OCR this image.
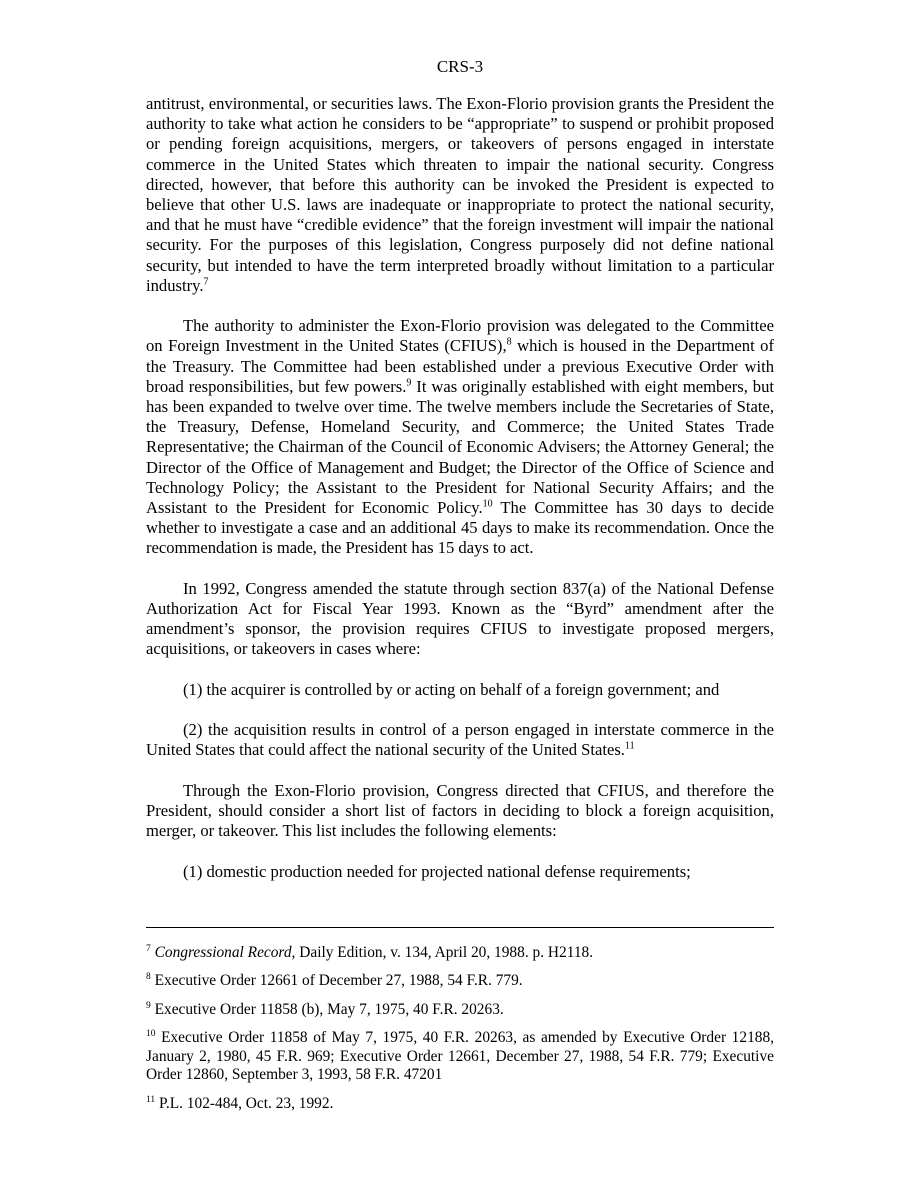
CRS-3

antitrust, environmental, or securities laws. The Exon-Florio provision grants the President the authority to take what action he considers to be “appropriate” to suspend or prohibit proposed or pending foreign acquisitions, mergers, or takeovers of persons engaged in interstate commerce in the United States which threaten to impair the national security. Congress directed, however, that before this authority can be invoked the President is expected to believe that other U.S. laws are inadequate or inappropriate to protect the national security, and that he must have “credible evidence” that the foreign investment will impair the national security. For the purposes of this legislation, Congress purposely did not define national security, but intended to have the term interpreted broadly without limitation to a particular industry.$^7$

The authority to administer the Exon-Florio provision was delegated to the Committee on Foreign Investment in the United States (CFIUS),$^8$ which is housed in the Department of the Treasury. The Committee had been established under a previous Executive Order with broad responsibilities, but few powers.$^9$ It was originally established with eight members, but has been expanded to twelve over time. The twelve members include the Secretaries of State, the Treasury, Defense, Homeland Security, and Commerce; the United States Trade Representative; the Chairman of the Council of Economic Advisers; the Attorney General; the Director of the Office of Management and Budget; the Director of the Office of Science and Technology Policy; the Assistant to the President for National Security Affairs; and the Assistant to the President for Economic Policy.$^{10}$ The Committee has 30 days to decide whether to investigate a case and an additional 45 days to make its recommendation. Once the recommendation is made, the President has 15 days to act.

In 1992, Congress amended the statute through section 837(a) of the National Defense Authorization Act for Fiscal Year 1993. Known as the “Byrd” amendment after the amendment’s sponsor, the provision requires CFIUS to investigate proposed mergers, acquisitions, or takeovers in cases where:

(1) the acquirer is controlled by or acting on behalf of a foreign government; and

(2) the acquisition results in control of a person engaged in interstate commerce in the United States that could affect the national security of the United States.$^{11}$

Through the Exon-Florio provision, Congress directed that CFIUS, and therefore the President, should consider a short list of factors in deciding to block a foreign acquisition, merger, or takeover. This list includes the following elements:

(1) domestic production needed for projected national defense requirements;

$^7$ Congressional Record, Daily Edition, v. 134, April 20, 1988. p. H2118.
$^8$ Executive Order 12661 of December 27, 1988, 54 F.R. 779.
$^9$ Executive Order 11858 (b), May 7, 1975, 40 F.R. 20263.
$^{10}$ Executive Order 11858 of May 7, 1975, 40 F.R. 20263, as amended by Executive Order 12188, January 2, 1980, 45 F.R. 969; Executive Order 12661, December 27, 1988, 54 F.R. 779; Executive Order 12860, September 3, 1993, 58 F.R. 47201
$^{11}$ P.L. 102-484, Oct. 23, 1992.
